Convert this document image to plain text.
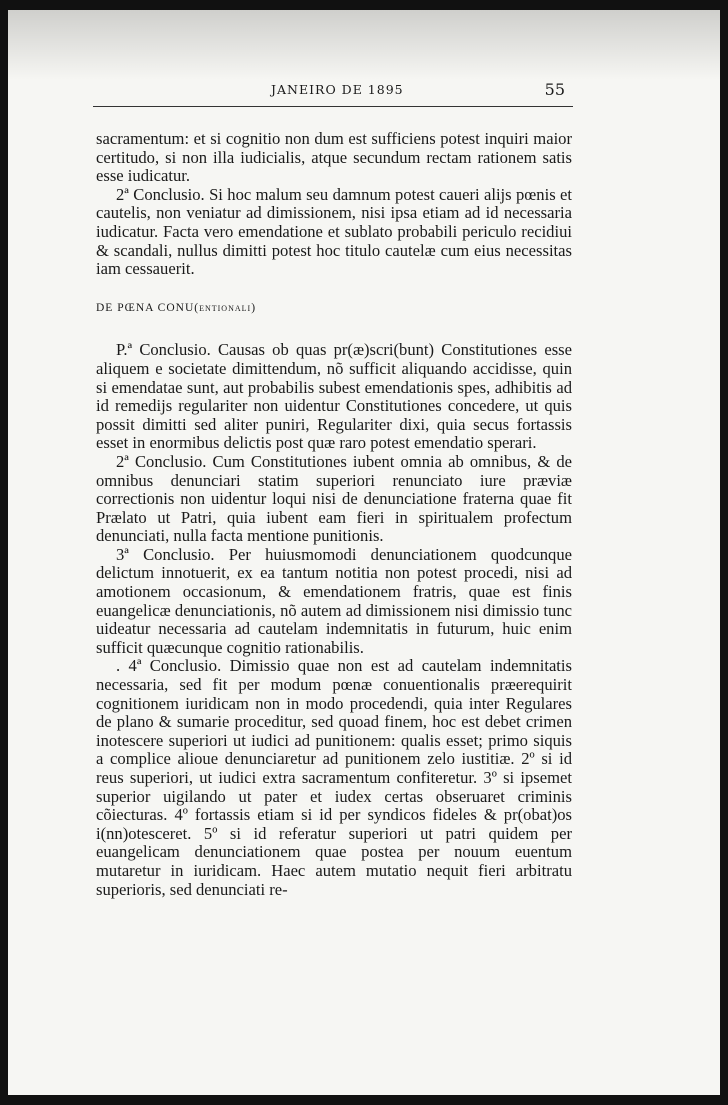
JANEIRO DE 1895	55

sacramentum: et si cognitio non dum est sufficiens potest inquiri maior certitudo, si non illa iudicialis, atque secundum rectam rationem satis esse iudicatur.

2ª Conclusio. Si hoc malum seu damnum potest caueri alijs pœnis et cautelis, non veniatur ad dimissionem, nisi ipsa etiam ad id necessaria iudicatur. Facta vero emendatione et sublato probabili periculo recidiui & scandali, nullus dimitti potest hoc titulo cautelæ cum eius necessitas iam cessauerit.

DE PŒNA CONU(entionali)

P.ª Conclusio. Causas ob quas pr(æ)scri(bunt) Constitutiones esse aliquem e societate dimittendum, nõ sufficit aliquando accidisse, quin si emendatae sunt, aut probabilis subest emendationis spes, adhibitis ad id remedijs regulariter non uidentur Constitutiones concedere, ut quis possit dimitti sed aliter puniri, Regulariter dixi, quia secus fortassis esset in enormibus delictis post quæ raro potest emendatio sperari.

2ª Conclusio. Cum Constitutiones iubent omnia ab omnibus, & de omnibus denunciari statim superiori renunciato iure præviæ correctionis non uidentur loqui nisi de denunciatione fraterna quae fit Prælato ut Patri, quia iubent eam fieri in spiritualem profectum denunciati, nulla facta mentione punitionis.

3ª Conclusio. Per huiusmomodi denunciationem quodcunque delictum innotuerit, ex ea tantum notitia non potest procedi, nisi ad amotionem occasionum, & emendationem fratris, quae est finis euangelicæ denunciationis, nõ autem ad dimissionem nisi dimissio tunc uideatur necessaria ad cautelam indemnitatis in futurum, huic enim sufficit quæcunque cognitio rationabilis.

. 4ª Conclusio. Dimissio quae non est ad cautelam indemnitatis necessaria, sed fit per modum pœnæ conuentionalis præerequirit cognitionem iuridicam non in modo procedendi, quia inter Regulares de plano & sumarie proceditur, sed quoad finem, hoc est debet crimen inotescere superiori ut iudici ad punitionem: qualis esset; primo siquis a complice alioue denunciaretur ad punitionem zelo iustitiæ. 2º si id reus superiori, ut iudici extra sacramentum confiteretur. 3º si ipsemet superior uigilando ut pater et iudex certas obseruaret criminis cõiecturas. 4º fortassis etiam si id per syndicos fideles & pr(obat)os i(nn)otesceret. 5º si id referatur superiori ut patri quidem per euangelicam denunciationem quae postea per nouum euentum mutaretur in iuridicam. Haec autem mutatio nequit fieri arbitratu superioris, sed denunciati re-
